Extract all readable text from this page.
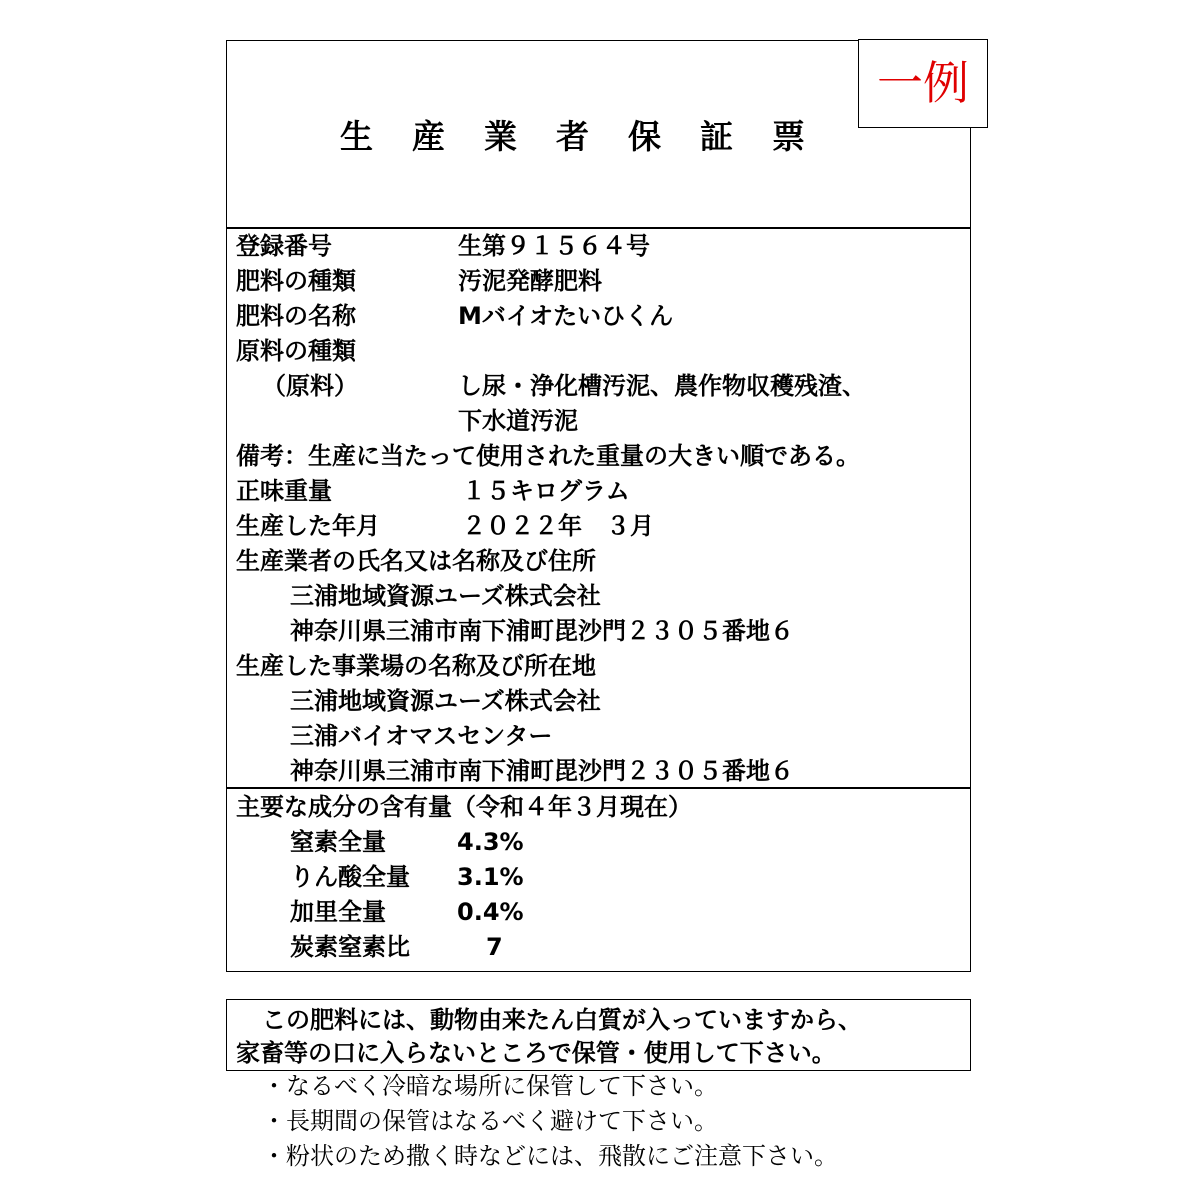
一例
生 産 業 者 保 証 票
登録番号	生第９１５６４号
肥料の種類	汚泥発酵肥料
肥料の名称	Mバイオたいひくん
原料の種類
（原料）	し尿・浄化槽汚泥、農作物収穫残渣、
下水道汚泥
備考：生産に当たって使用された重量の大きい順である。
正味重量	１５キログラム
生産した年月	２０２２年　３月
生産業者の氏名又は名称及び住所
三浦地域資源ユーズ株式会社
神奈川県三浦市南下浦町毘沙門２３０５番地６
生産した事業場の名称及び所在地
三浦地域資源ユーズ株式会社
三浦バイオマスセンター
神奈川県三浦市南下浦町毘沙門２３０５番地６
主要な成分の含有量（令和４年３月現在）
窒素全量	4.3%
りん酸全量 3.1%
加里全量	0.4%
炭素窒素比	7
この肥料には、動物由来たん白質が入っていますから、
家畜等の口に入らないところで保管・使用して下さい。
・なるべく冷暗な場所に保管して下さい。
・長期間の保管はなるべく避けて下さい。
・粉状のため撒く時などには、飛散にご注意下さい。
